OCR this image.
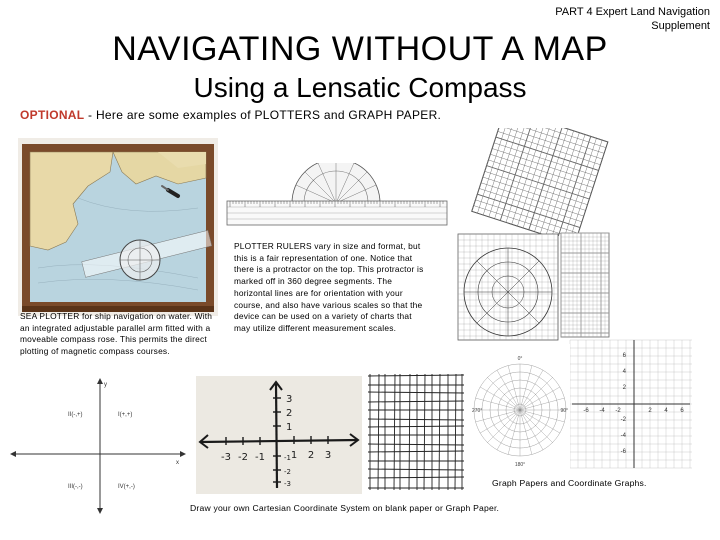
PART 4 Expert Land Navigation
Supplement
NAVIGATING WITHOUT A MAP
Using a Lensatic Compass
OPTIONAL - Here are some examples of PLOTTERS and GRAPH PAPER.
SEA PLOTTER for ship navigation on water. With an integrated adjustable parallel arm fitted with a moveable compass rose. This permits the direct plotting of magnetic compass courses.
PLOTTER RULERS vary in size and format, but this is a fair representation of one. Notice that there is a protractor on the top. This protractor is marked off in 360 degree segments. The horizontal lines are for orientation with your course, and also have various scales so that the device can be used on a variety of charts that may utilize different measurement scales.
6
4
2
-2
-4
-6
-6 -4 -2	2 4 6
II(-,+)	I(+,+)
III(-,-)	IV(+,-)
x
y
-3 -2 -1	1 2 3
3
2
1
-1
-2
-3
0°
90°
180°
270°
Graph Papers and Coordinate Graphs.
Draw your own Cartesian Coordinate System on blank paper or Graph Paper.
